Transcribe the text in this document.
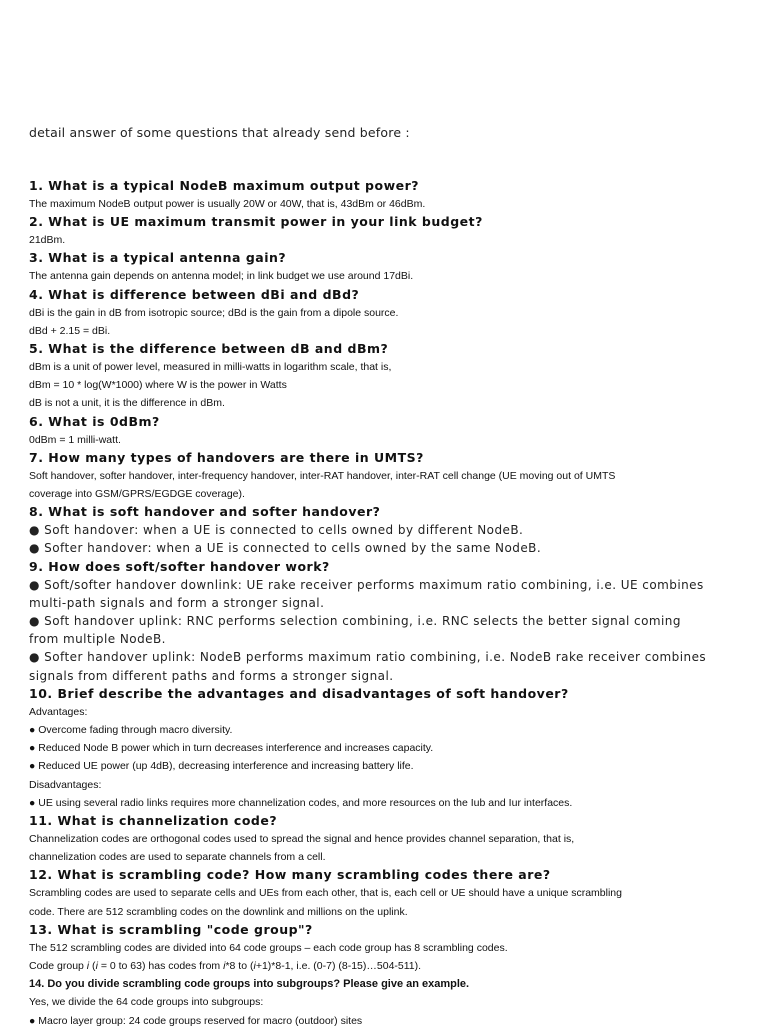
detail answer of some questions that already send before :

1. What is a typical NodeB maximum output power?

The maximum NodeB output power is usually 20W or 40W, that is, 43dBm or 46dBm.

2. What is UE maximum transmit power in your link budget?

21dBm.

3. What is a typical antenna gain?

The antenna gain depends on antenna model; in link budget we use around 17dBi.

4. What is difference between dBi and dBd?

dBi is the gain in dB from isotropic source; dBd is the gain from a dipole source.

dBd + 2.15 = dBi.

5. What is the difference between dB and dBm?

dBm is a unit of power level, measured in milli-watts in logarithm scale, that is,

dBm = 10 * log(W*1000) where W is the power in Watts

dB is not a unit, it is the difference in dBm.

6. What is 0dBm?

0dBm = 1 milli-watt.

7. How many types of handovers are there in UMTS?

Soft handover, softer handover, inter-frequency handover, inter-RAT handover, inter-RAT cell change (UE moving out of UMTS

coverage into GSM/GPRS/EGDGE coverage).

8. What is soft handover and softer handover?

● Soft handover: when a UE is connected to cells owned by different NodeB.

● Softer handover: when a UE is connected to cells owned by the same NodeB.

9. How does soft/softer handover work?

● Soft/softer handover downlink: UE rake receiver performs maximum ratio combining, i.e. UE combines

multi-path signals and form a stronger signal.

● Soft handover uplink: RNC performs selection combining, i.e. RNC selects the better signal coming

from multiple NodeB.

● Softer handover uplink: NodeB performs maximum ratio combining, i.e. NodeB rake receiver combines

signals from different paths and forms a stronger signal.

10. Brief describe the advantages and disadvantages of soft handover?

Advantages:

● Overcome fading through macro diversity.

● Reduced Node B power which in turn decreases interference and increases capacity.

● Reduced UE power (up 4dB), decreasing interference and increasing battery life.

Disadvantages:

● UE using several radio links requires more channelization codes, and more resources on the Iub and Iur interfaces.

11. What is channelization code?

Channelization codes are orthogonal codes used to spread the signal and hence provides channel separation, that is,

channelization codes are used to separate channels from a cell.

12. What is scrambling code? How many scrambling codes there are?

Scrambling codes are used to separate cells and UEs from each other, that is, each cell or UE should have a unique scrambling

code. There are 512 scrambling codes on the downlink and millions on the uplink.

13. What is scrambling "code group"?

The 512 scrambling codes are divided into 64 code groups – each code group has 8 scrambling codes.

Code group i (i = 0 to 63) has codes from i*8 to (i+1)*8-1, i.e. (0-7) (8-15)…504-511).

14. Do you divide scrambling code groups into subgroups? Please give an example.

Yes, we divide the 64 code groups into subgroups:

● Macro layer group: 24 code groups reserved for macro (outdoor) sites
